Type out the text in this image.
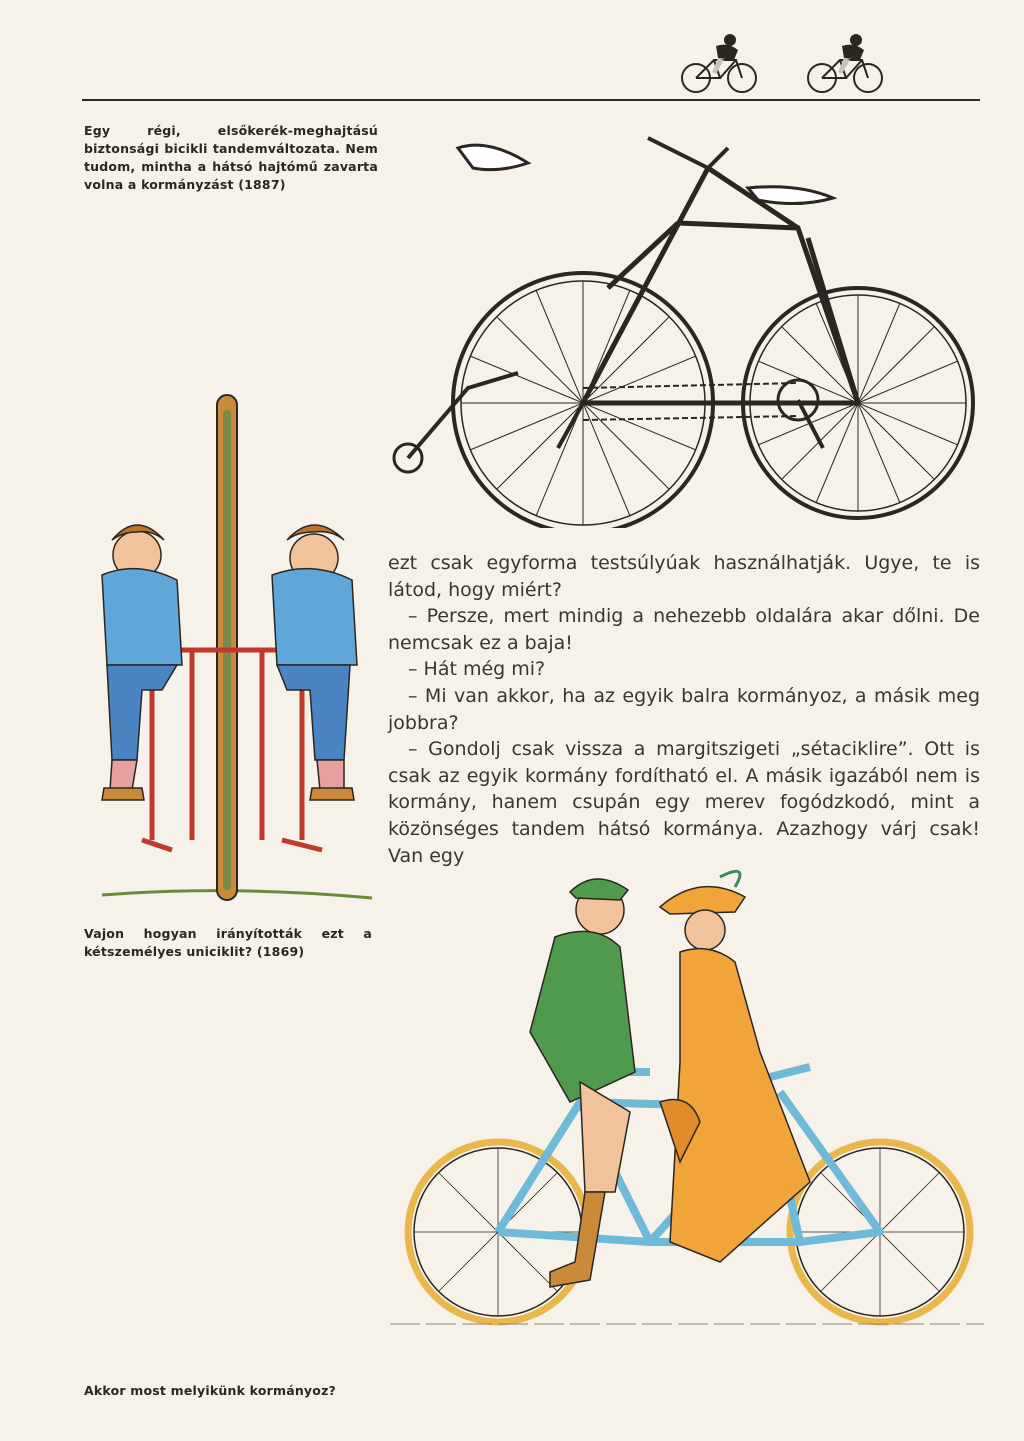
Egy régi, elsőkerék-meghajtású biztonsági bicikli tandemváltozata. Nem tudom, mintha a hátsó hajtómű zavarta volna a kormányzást (1887)
Vajon hogyan irányították ezt a kétszemélyes uniciklit? (1869)

ezt csak egyforma testsúlyúak használhatják. Ugye, te is látod, hogy miért?

– Persze, mert mindig a nehezebb oldalára akar dőlni. De nemcsak ez a baja!

– Hát még mi?

– Mi van akkor, ha az egyik balra kormányoz, a másik meg jobbra?

– Gondolj csak vissza a margitszigeti „sétaciklire”. Ott is csak az egyik kormány fordítható el. A másik igazából nem is kormány, hanem csupán egy merev fogódzkodó, mint a közönséges tandem hátsó kormánya. Azazhogy várj csak! Van egy

Akkor most melyikünk kormányoz?
